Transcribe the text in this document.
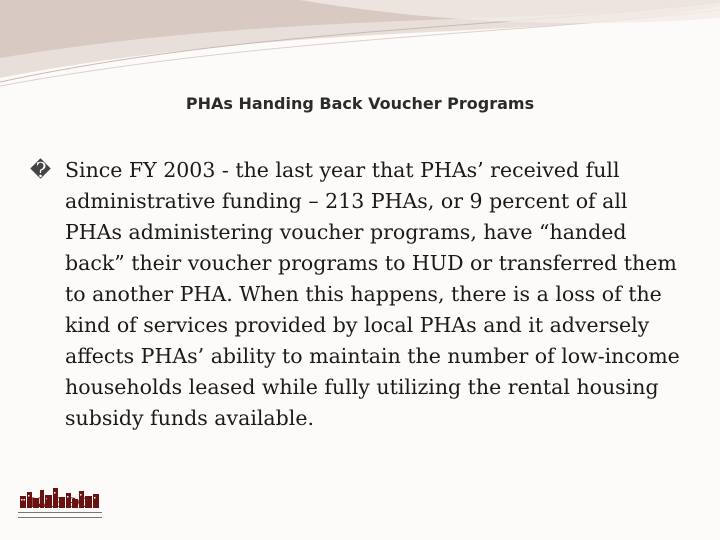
PHAs Handing Back Voucher Programs

� Since FY 2003 - the last year that PHAs’ received full administrative funding – 213 PHAs, or 9 percent of all PHAs administering voucher programs, have “handed back” their voucher programs to HUD or transferred them to another PHA. When this happens, there is a loss of the kind of services provided by local PHAs and it adversely affects PHAs’ ability to maintain the number of low-income households leased while fully utilizing the rental housing subsidy funds available.

NAHRO
